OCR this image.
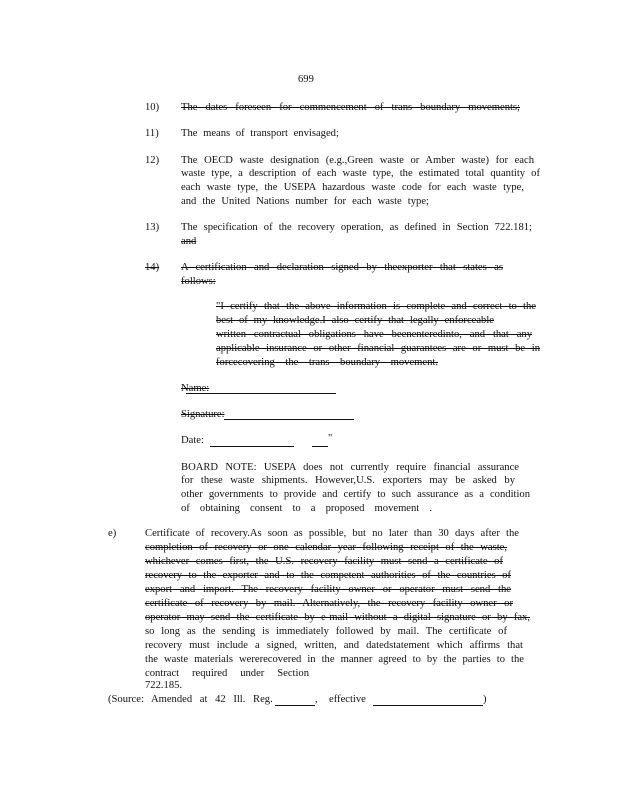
699
10) The dates foreseen for commencement of trans boundary movements;
11) The means of transport envisaged;
12) The OECD waste designation (e.g.,Green waste or Amber waste) for each
waste type, a description of each waste type, the estimated total quantity of
each waste type, the USEPA hazardous waste code for each waste type,
and the United Nations number for each waste type;
13) The specification of the recovery operation, as defined in Section 722.181;
and
14) A certification and declaration signed by theexporter that states as
follows:
"I certify that the above information is complete and correct to the
best of my knowledge.I also certify that legally enforceable
written contractual obligations have beenenteredinto, and that any
applicable insurance or other financial guarantees are or must be in
forcecovering the trans boundary movement.
Name:
Signature:
Date:	"
BOARD NOTE: USEPA does not currently require financial assurance
for these waste shipments. However,U.S. exporters may be asked by
other governments to provide and certify to such assurance as a condition
of obtaining consent to a proposed movement .
e)	Certificate of recovery.As soon as possible, but no later than 30 days after the
completion of recovery or one calendar year following receipt of the waste,
whichever comes first, the U.S. recovery facility must send a certificate of
recovery to the exporter and to the competent authorities of the countries of
export and import. The recovery facility owner or operator must send the
certificate of recovery by mail. Alternatively, the recovery facility owner or
operator may send the certificate by e-mail without a digital signature or by fax,
so long as the sending is immediately followed by mail. The certificate of
recovery must include a signed, written, and datedstatement which affirms that
the waste materials wererecovered in the manner agreed to by the parties to the
contract required under Section 722.185.
(Source: Amended at 42 Ill. Reg.	, effective	)
